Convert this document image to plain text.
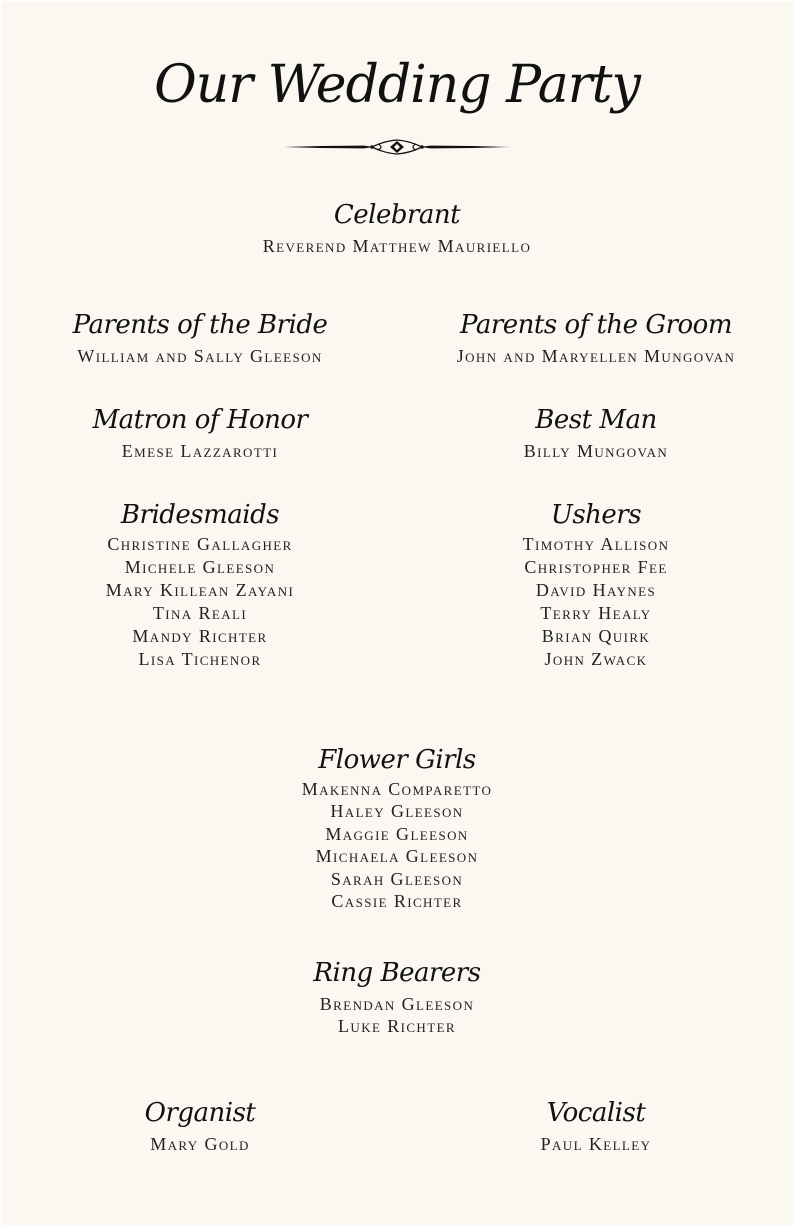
Our Wedding Party
Celebrant
Reverend Matthew Mauriello
Parents of the Bride
William and Sally Gleeson
Parents of the Groom
John and Maryellen Mungovan
Matron of Honor
Emese Lazzarotti
Best Man
Billy Mungovan
Bridesmaids
Christine Gallagher
Michele Gleeson
Mary Killean Zayani
Tina Reali
Mandy Richter
Lisa Tichenor
Ushers
Timothy Allison
Christopher Fee
David Haynes
Terry Healy
Brian Quirk
John Zwack
Flower Girls
Makenna Comparetto
Haley Gleeson
Maggie Gleeson
Michaela Gleeson
Sarah Gleeson
Cassie Richter
Ring Bearers
Brendan Gleeson
Luke Richter
Organist
Mary Gold
Vocalist
Paul Kelley
